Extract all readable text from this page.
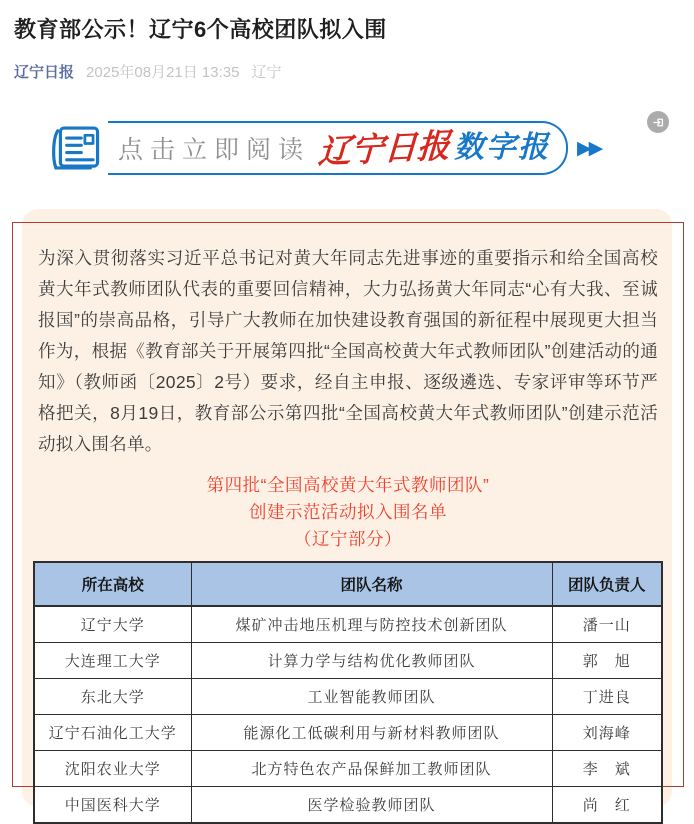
教育部公示！辽宁6个高校团队拟入围
辽宁日报 2025年08月21日 13:35 辽宁
点击立即阅读 辽宁日报 数字报 ▶▶

为深入贯彻落实习近平总书记对黄大年同志先进事迹的重要指示和给全国高校黄大年式教师团队代表的重要回信精神，大力弘扬黄大年同志“心有大我、至诚报国”的崇高品格，引导广大教师在加快建设教育强国的新征程中展现更大担当作为，根据《教育部关于开展第四批“全国高校黄大年式教师团队”创建活动的通知》（教师函〔2025〕2号）要求，经自主申报、逐级遴选、专家评审等环节严格把关，8月19日，教育部公示第四批“全国高校黄大年式教师团队”创建示范活动拟入围名单。

第四批“全国高校黄大年式教师团队”
创建示范活动拟入围名单
（辽宁部分）
所在高校	团队名称	团队负责人
辽宁大学	煤矿冲击地压机理与防控技术创新团队	潘一山
大连理工大学	计算力学与结构优化教师团队	郭　旭
东北大学	工业智能教师团队	丁进良
辽宁石油化工大学	能源化工低碳利用与新材料教师团队	刘海峰
沈阳农业大学	北方特色农产品保鲜加工教师团队	李　斌
中国医科大学	医学检验教师团队	尚　红
